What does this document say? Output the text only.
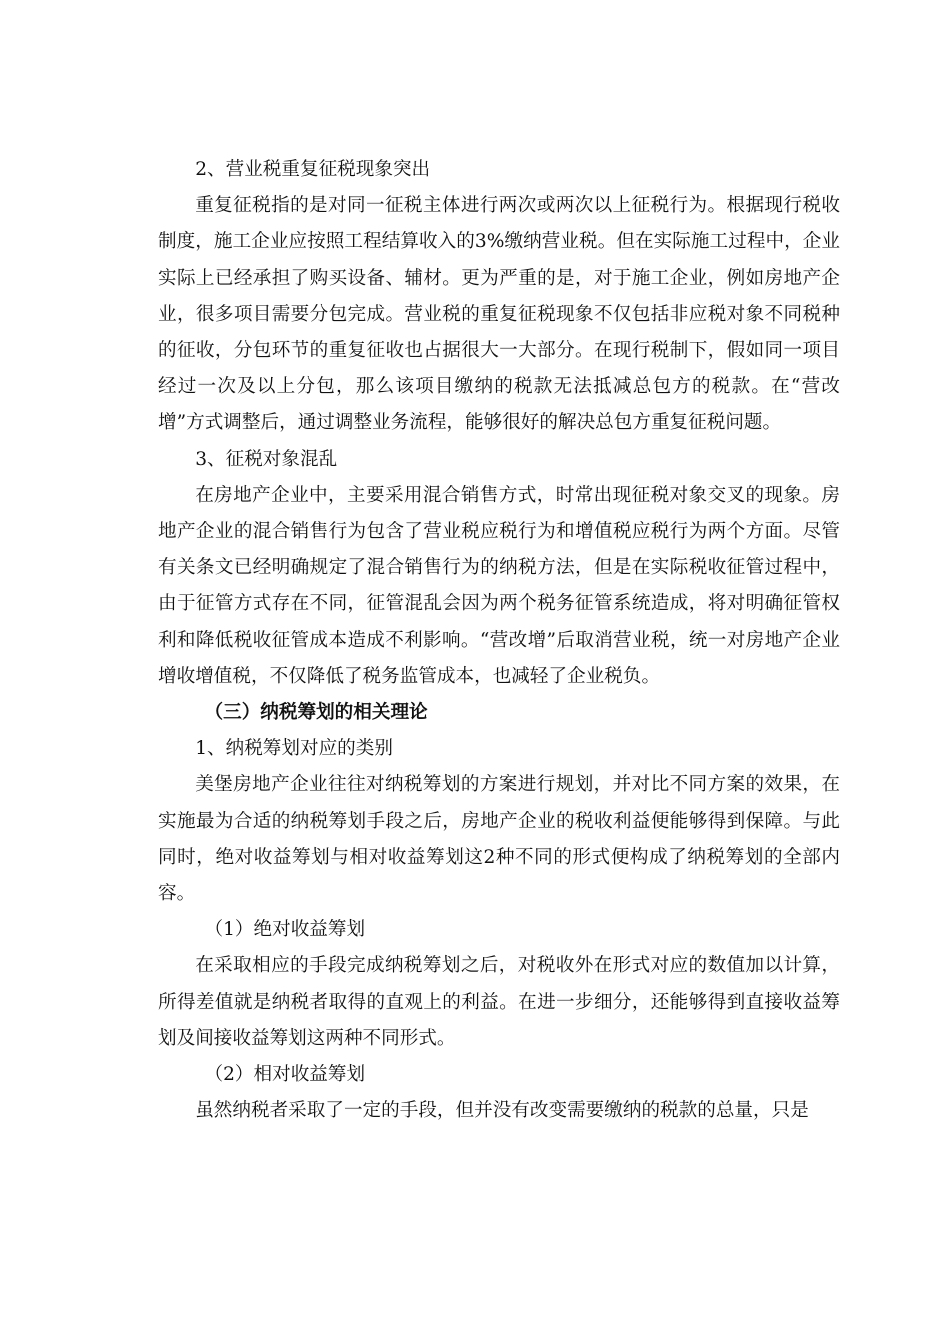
2、营业税重复征税现象突出

重复征税指的是对同一征税主体进行两次或两次以上征税行为。根据现行税收制度，施工企业应按照工程结算收入的3%缴纳营业税。但在实际施工过程中，企业实际上已经承担了购买设备、辅材。更为严重的是，对于施工企业，例如房地产企业，很多项目需要分包完成。营业税的重复征税现象不仅包括非应税对象不同税种的征收，分包环节的重复征收也占据很大一大部分。在现行税制下，假如同一项目经过一次及以上分包，那么该项目缴纳的税款无法抵减总包方的税款。在“营改增”方式调整后，通过调整业务流程，能够很好的解决总包方重复征税问题。

3、征税对象混乱

在房地产企业中，主要采用混合销售方式，时常出现征税对象交叉的现象。房地产企业的混合销售行为包含了营业税应税行为和增值税应税行为两个方面。尽管有关条文已经明确规定了混合销售行为的纳税方法，但是在实际税收征管过程中，由于征管方式存在不同，征管混乱会因为两个税务征管系统造成，将对明确征管权利和降低税收征管成本造成不利影响。“营改增”后取消营业税，统一对房地产企业增收增值税，不仅降低了税务监管成本，也减轻了企业税负。

（三）纳税筹划的相关理论

1、纳税筹划对应的类别

美堡房地产企业往往对纳税筹划的方案进行规划，并对比不同方案的效果，在实施最为合适的纳税筹划手段之后，房地产企业的税收利益便能够得到保障。与此同时，绝对收益筹划与相对收益筹划这2种不同的形式便构成了纳税筹划的全部内容。

（1）绝对收益筹划

在采取相应的手段完成纳税筹划之后，对税收外在形式对应的数值加以计算，所得差值就是纳税者取得的直观上的利益。在进一步细分，还能够得到直接收益筹划及间接收益筹划这两种不同形式。

（2）相对收益筹划

虽然纳税者采取了一定的手段，但并没有改变需要缴纳的税款的总量，只是
